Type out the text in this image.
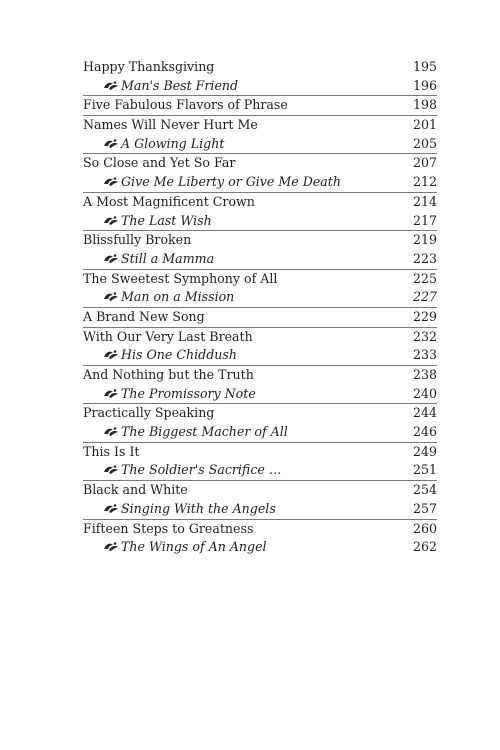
Happy Thanksgiving	195
Man's Best Friend	196
Five Fabulous Flavors of Phrase	198
Names Will Never Hurt Me	201
A Glowing Light	205
So Close and Yet So Far	207
Give Me Liberty or Give Me Death	212
A Most Magnificent Crown	214
The Last Wish	217
Blissfully Broken	219
Still a Mamma	223
The Sweetest Symphony of All	225
Man on a Mission	227
A Brand New Song	229
With Our Very Last Breath	232
His One Chiddush	233
And Nothing but the Truth	238
The Promissory Note	240
Practically Speaking	244
The Biggest Macher of All	246
This Is It	249
The Soldier's Sacrifice …	251
Black and White	254
Singing With the Angels	257
Fifteen Steps to Greatness	260
The Wings of An Angel	262
